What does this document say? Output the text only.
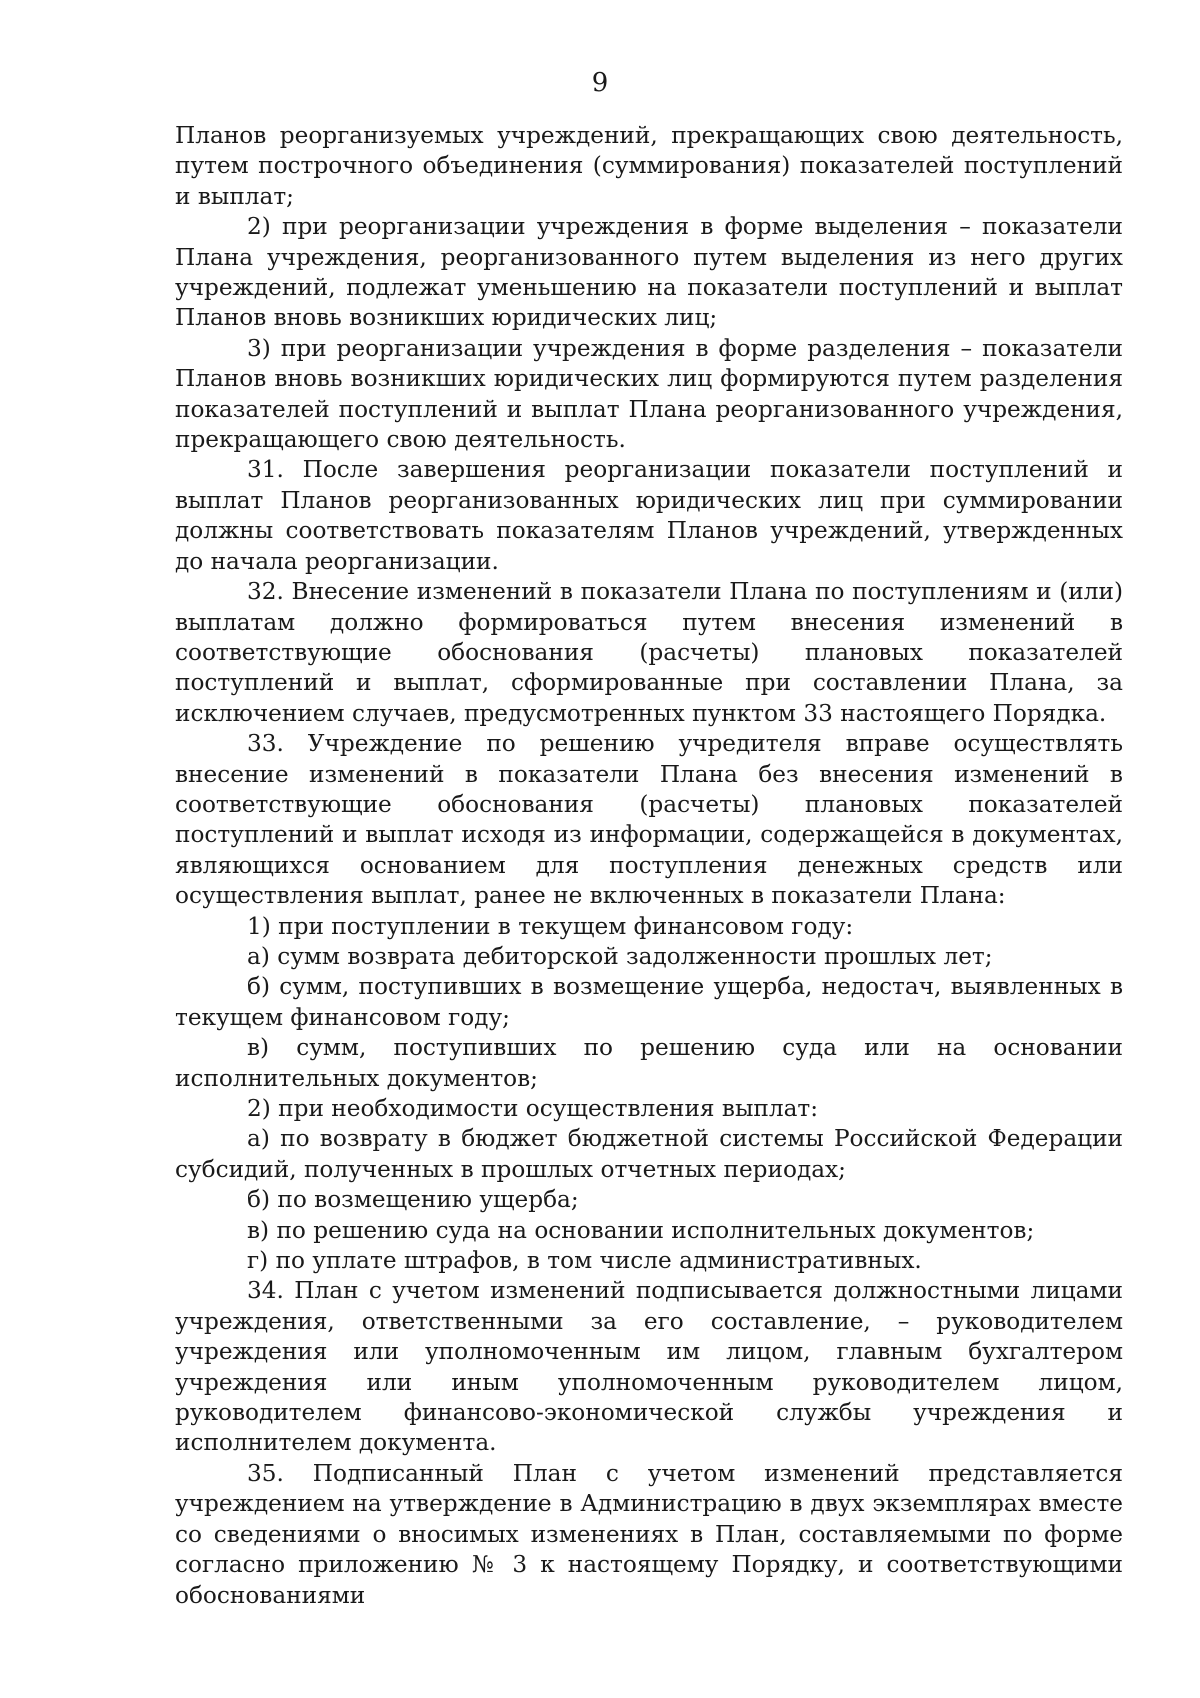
9

Планов реорганизуемых учреждений, прекращающих свою деятельность, путем построчного объединения (суммирования) показателей поступлений и выплат;

2) при реорганизации учреждения в форме выделения – показатели Плана учреждения, реорганизованного путем выделения из него других учреждений, подлежат уменьшению на показатели поступлений и выплат Планов вновь возникших юридических лиц;

3) при реорганизации учреждения в форме разделения – показатели Планов вновь возникших юридических лиц формируются путем разделения показателей поступлений и выплат Плана реорганизованного учреждения, прекращающего свою деятельность.

31. После завершения реорганизации показатели поступлений и выплат Планов реорганизованных юридических лиц при суммировании должны соответствовать показателям Планов учреждений, утвержденных до начала реорганизации.

32. Внесение изменений в показатели Плана по поступлениям и (или) выплатам должно формироваться путем внесения изменений в соответствующие обоснования (расчеты) плановых показателей поступлений и выплат, сформированные при составлении Плана, за исключением случаев, предусмотренных пунктом 33 настоящего Порядка.

33. Учреждение по решению учредителя вправе осуществлять внесение изменений в показатели Плана без внесения изменений в соответствующие обоснования (расчеты) плановых показателей поступлений и выплат исходя из информации, содержащейся в документах, являющихся основанием для поступления денежных средств или осуществления выплат, ранее не включенных в показатели Плана:

1) при поступлении в текущем финансовом году:

а) сумм возврата дебиторской задолженности прошлых лет;

б) сумм, поступивших в возмещение ущерба, недостач, выявленных в текущем финансовом году;

в) сумм, поступивших по решению суда или на основании исполнительных документов;

2) при необходимости осуществления выплат:

а) по возврату в бюджет бюджетной системы Российской Федерации субсидий, полученных в прошлых отчетных периодах;

б) по возмещению ущерба;

в) по решению суда на основании исполнительных документов;

г) по уплате штрафов, в том числе административных.

34. План с учетом изменений подписывается должностными лицами учреждения, ответственными за его составление, – руководителем учреждения или уполномоченным им лицом, главным бухгалтером учреждения или иным уполномоченным руководителем лицом, руководителем финансово-экономической службы учреждения и исполнителем документа.

35. Подписанный План с учетом изменений представляется учреждением на утверждение в Администрацию в двух экземплярах вместе со сведениями о вносимых изменениях в План, составляемыми по форме согласно приложению № 3 к настоящему Порядку, и соответствующими обоснованиями
